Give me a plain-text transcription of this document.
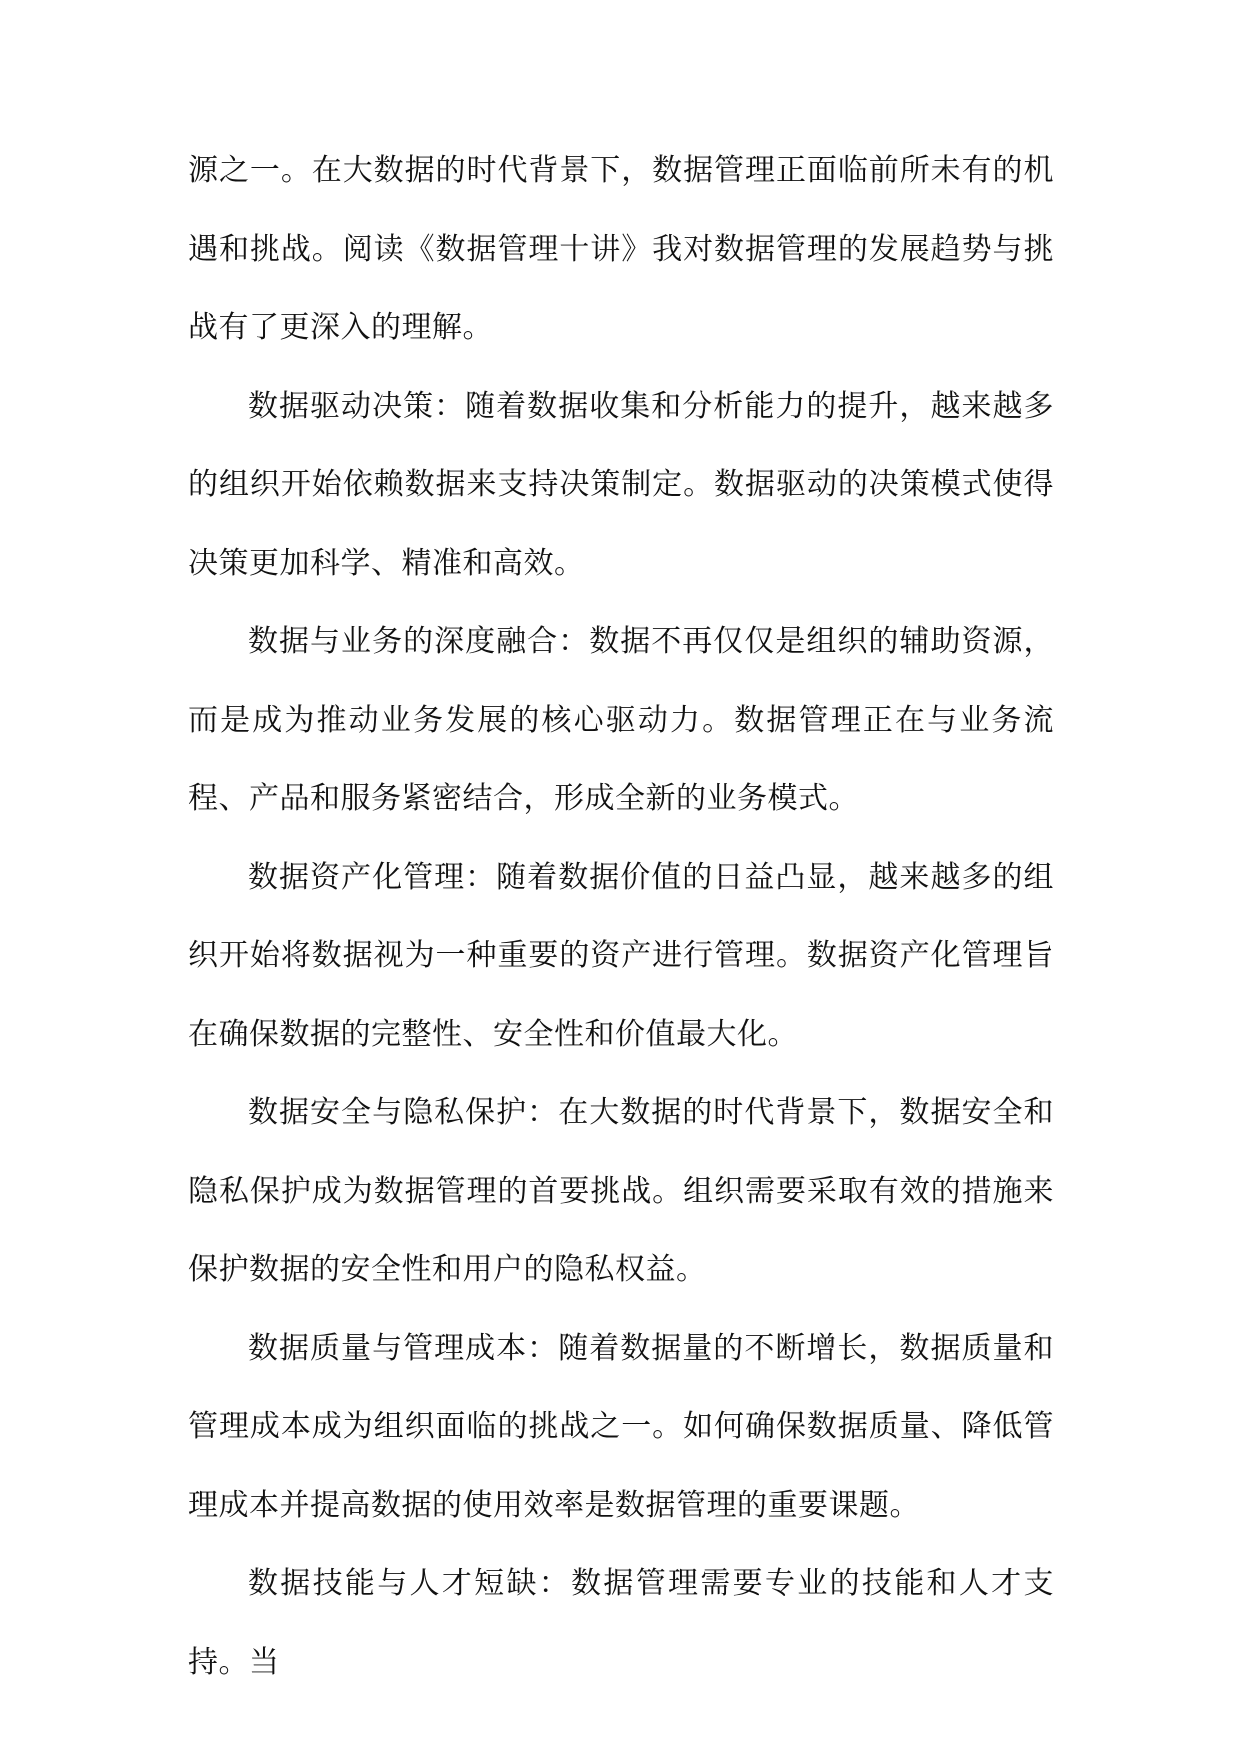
源之一。在大数据的时代背景下，数据管理正面临前所未有的机遇和挑战。阅读《数据管理十讲》我对数据管理的发展趋势与挑战有了更深入的理解。

数据驱动决策：随着数据收集和分析能力的提升，越来越多的组织开始依赖数据来支持决策制定。数据驱动的决策模式使得决策更加科学、精准和高效。

数据与业务的深度融合：数据不再仅仅是组织的辅助资源，而是成为推动业务发展的核心驱动力。数据管理正在与业务流程、产品和服务紧密结合，形成全新的业务模式。

数据资产化管理：随着数据价值的日益凸显，越来越多的组织开始将数据视为一种重要的资产进行管理。数据资产化管理旨在确保数据的完整性、安全性和价值最大化。

数据安全与隐私保护：在大数据的时代背景下，数据安全和隐私保护成为数据管理的首要挑战。组织需要采取有效的措施来保护数据的安全性和用户的隐私权益。

数据质量与管理成本：随着数据量的不断增长，数据质量和管理成本成为组织面临的挑战之一。如何确保数据质量、降低管理成本并提高数据的使用效率是数据管理的重要课题。

数据技能与人才短缺：数据管理需要专业的技能和人才支持。当
